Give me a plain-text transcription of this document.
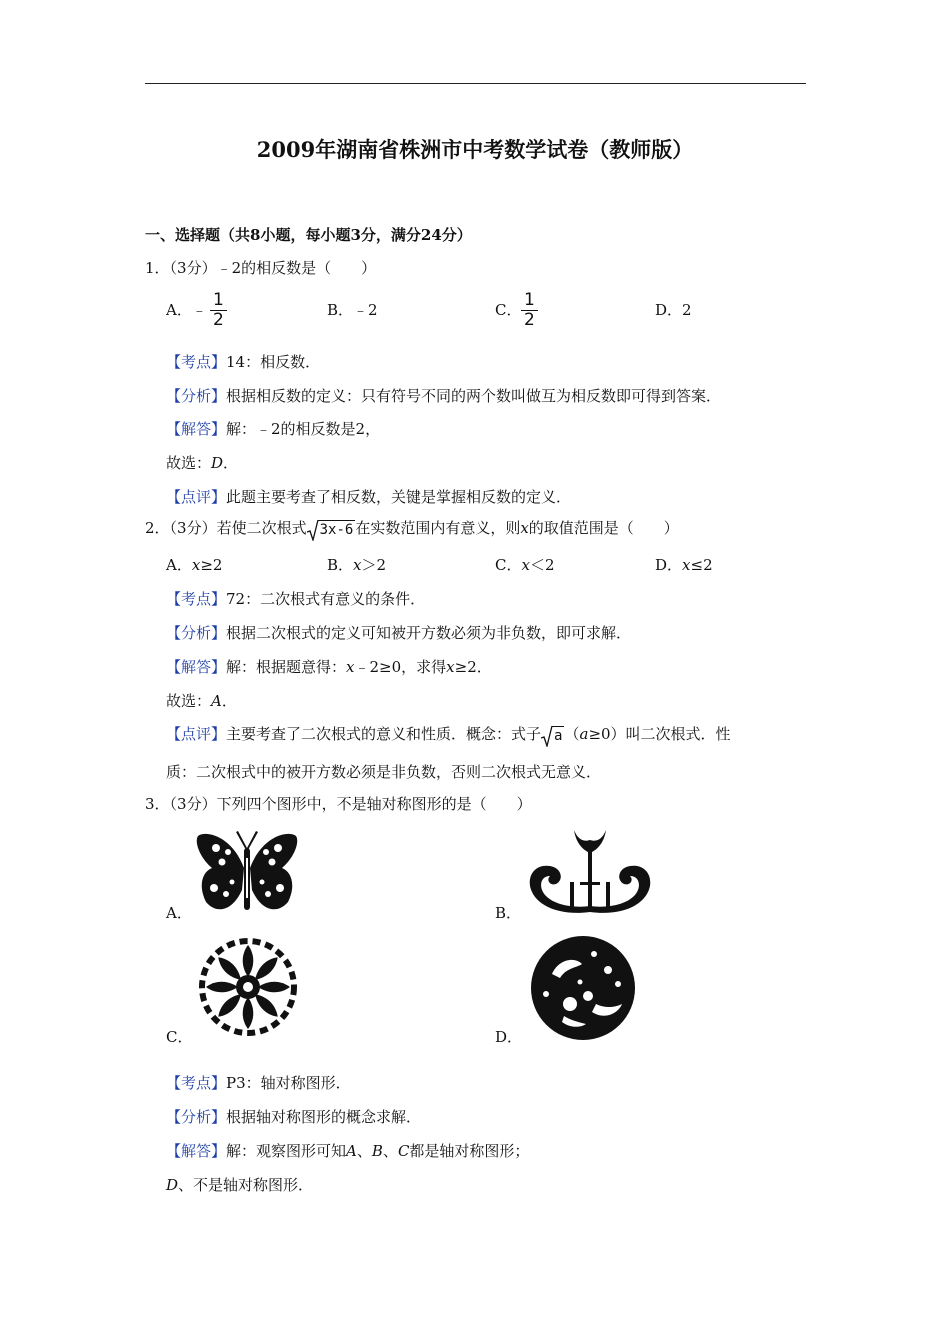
2009年湖南省株洲市中考数学试卷（教师版）
一、选择题（共8小题，每小题3分，满分24分）
1．（3分）﹣2的相反数是（　　）
A．﹣ $\frac{1}{2}$	B．﹣2	C． $\frac{1}{2}$	D．2
【考点】14：相反数．
【分析】根据相反数的定义：只有符号不同的两个数叫做互为相反数即可得到答案．
【解答】解：﹣2的相反数是2，
故选：D．
【点评】此题主要考查了相反数，关键是掌握相反数的定义．
2．（3分）若使二次根式 3x-6 在实数范围内有意义，则x的取值范围是（　　）
A．x≥2	B．x＞2	C．x＜2	D．x≤2
【考点】72：二次根式有意义的条件．
【分析】根据二次根式的定义可知被开方数必须为非负数，即可求解．
【解答】解：根据题意得：x﹣2≥0，求得x≥2．
故选：A．
【点评】主要考查了二次根式的意义和性质．概念：式子 a （a≥0）叫二次根式．性
质：二次根式中的被开方数必须是非负数，否则二次根式无意义．
3．（3分）下列四个图形中，不是轴对称图形的是（　　）
A．	B．
C．	D．
【考点】P3：轴对称图形．
【分析】根据轴对称图形的概念求解．
【解答】解：观察图形可知A、B、C都是轴对称图形；
D、不是轴对称图形．
